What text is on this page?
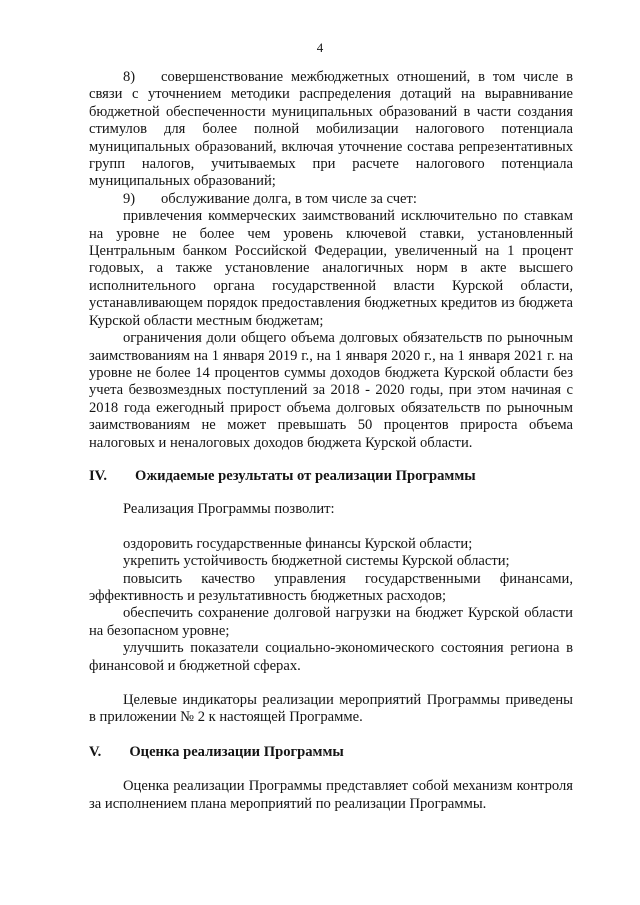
4

8) совершенствование межбюджетных отношений, в том числе в связи с уточнением методики распределения дотаций на выравнивание бюджетной обеспеченности муниципальных образований в части создания стимулов для более полной мобилизации налогового потенциала муниципальных образований, включая уточнение состава репрезентативных групп налогов, учитываемых при расчете налогового потенциала муниципальных образований;

9) обслуживание долга, в том числе за счет:

привлечения коммерческих заимствований исключительно по ставкам на уровне не более чем уровень ключевой ставки, установленный Центральным банком Российской Федерации, увеличенный на 1 процент годовых, а также установление аналогичных норм в акте высшего исполнительного органа государственной власти Курской области, устанавливающем порядок предоставления бюджетных кредитов из бюджета Курской области местным бюджетам;

ограничения доли общего объема долговых обязательств по рыночным заимствованиям на 1 января 2019 г., на 1 января 2020 г., на 1 января 2021 г. на уровне не более 14 процентов суммы доходов бюджета Курской области без учета безвозмездных поступлений за 2018 - 2020 годы, при этом начиная с 2018 года ежегодный прирост объема долговых обязательств по рыночным заимствованиям не может превышать 50 процентов прироста объема налоговых и неналоговых доходов бюджета Курской области.

IV. Ожидаемые результаты от реализации Программы

Реализация Программы позволит:

оздоровить государственные финансы Курской области;

укрепить устойчивость бюджетной системы Курской области;

повысить качество управления государственными финансами, эффективность и результативность бюджетных расходов;

обеспечить сохранение долговой нагрузки на бюджет Курской области на безопасном уровне;

улучшить показатели социально-экономического состояния региона в финансовой и бюджетной сферах.

Целевые индикаторы реализации мероприятий Программы приведены в приложении № 2 к настоящей Программе.

V. Оценка реализации Программы

Оценка реализации Программы представляет собой механизм контроля за исполнением плана мероприятий по реализации Программы.
